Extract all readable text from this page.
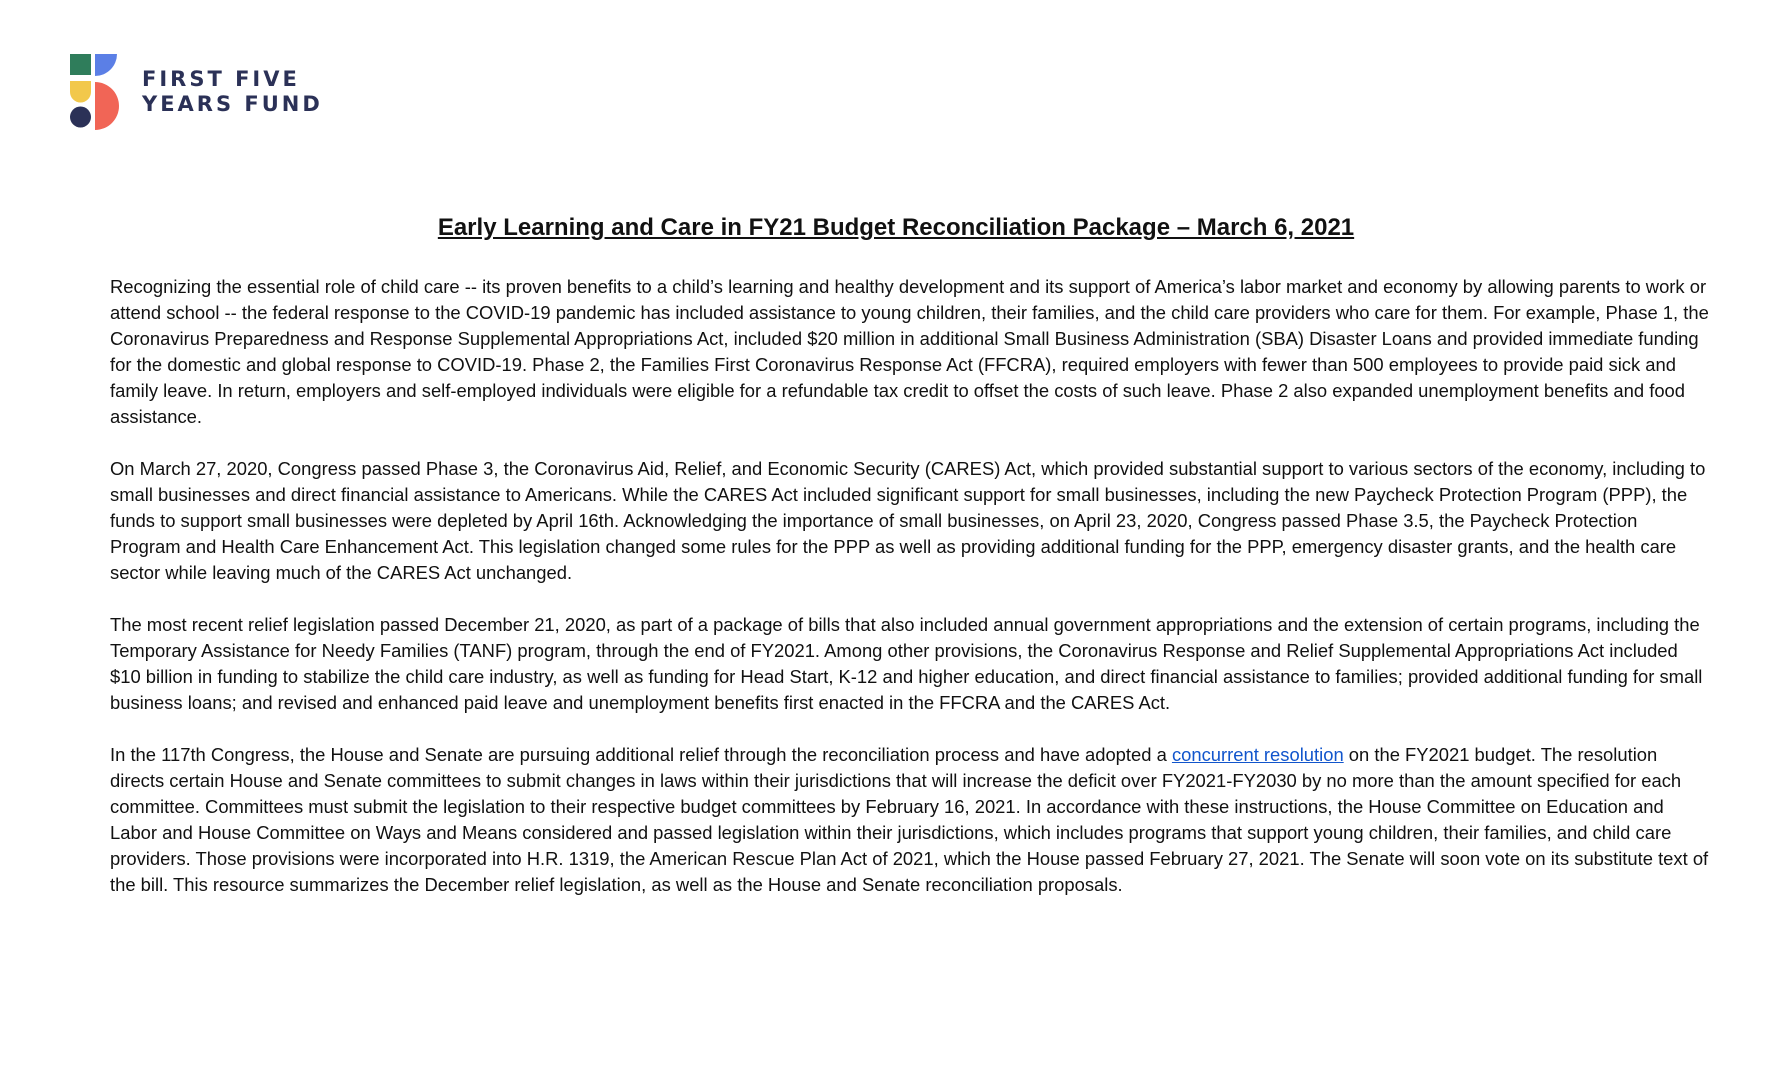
FIRST FIVE
YEARS FUND
Early Learning and Care in FY21 Budget Reconciliation Package – March 6, 2021

Recognizing the essential role of child care -- its proven benefits to a child’s learning and healthy development and its support of America’s labor market and economy by allowing parents to work or attend school -- the federal response to the COVID-19 pandemic has included assistance to young children, their families, and the child care providers who care for them. For example, Phase 1, the Coronavirus Preparedness and Response Supplemental Appropriations Act, included $20 million in additional Small Business Administration (SBA) Disaster Loans and provided immediate funding for the domestic and global response to COVID-19. Phase 2, the Families First Coronavirus Response Act (FFCRA), required employers with fewer than 500 employees to provide paid sick and family leave. In return, employers and self-employed individuals were eligible for a refundable tax credit to offset the costs of such leave. Phase 2 also expanded unemployment benefits and food assistance.

On March 27, 2020, Congress passed Phase 3, the Coronavirus Aid, Relief, and Economic Security (CARES) Act, which provided substantial support to various sectors of the economy, including to small businesses and direct financial assistance to Americans. While the CARES Act included significant support for small businesses, including the new Paycheck Protection Program (PPP), the funds to support small businesses were depleted by April 16th. Acknowledging the importance of small businesses, on April 23, 2020, Congress passed Phase 3.5, the Paycheck Protection Program and Health Care Enhancement Act. This legislation changed some rules for the PPP as well as providing additional funding for the PPP, emergency disaster grants, and the health care sector while leaving much of the CARES Act unchanged.

The most recent relief legislation passed December 21, 2020, as part of a package of bills that also included annual government appropriations and the extension of certain programs, including the Temporary Assistance for Needy Families (TANF) program, through the end of FY2021. Among other provisions, the Coronavirus Response and Relief Supplemental Appropriations Act included $10 billion in funding to stabilize the child care industry, as well as funding for Head Start, K-12 and higher education, and direct financial assistance to families; provided additional funding for small business loans; and revised and enhanced paid leave and unemployment benefits first enacted in the FFCRA and the CARES Act.

In the 117th Congress, the House and Senate are pursuing additional relief through the reconciliation process and have adopted a concurrent resolution on the FY2021 budget. The resolution directs certain House and Senate committees to submit changes in laws within their jurisdictions that will increase the deficit over FY2021-FY2030 by no more than the amount specified for each committee. Committees must submit the legislation to their respective budget committees by February 16, 2021. In accordance with these instructions, the House Committee on Education and Labor and House Committee on Ways and Means considered and passed legislation within their jurisdictions, which includes programs that support young children, their families, and child care providers. Those provisions were incorporated into H.R. 1319, the American Rescue Plan Act of 2021, which the House passed February 27, 2021. The Senate will soon vote on its substitute text of the bill. This resource summarizes the December relief legislation, as well as the House and Senate reconciliation proposals.
